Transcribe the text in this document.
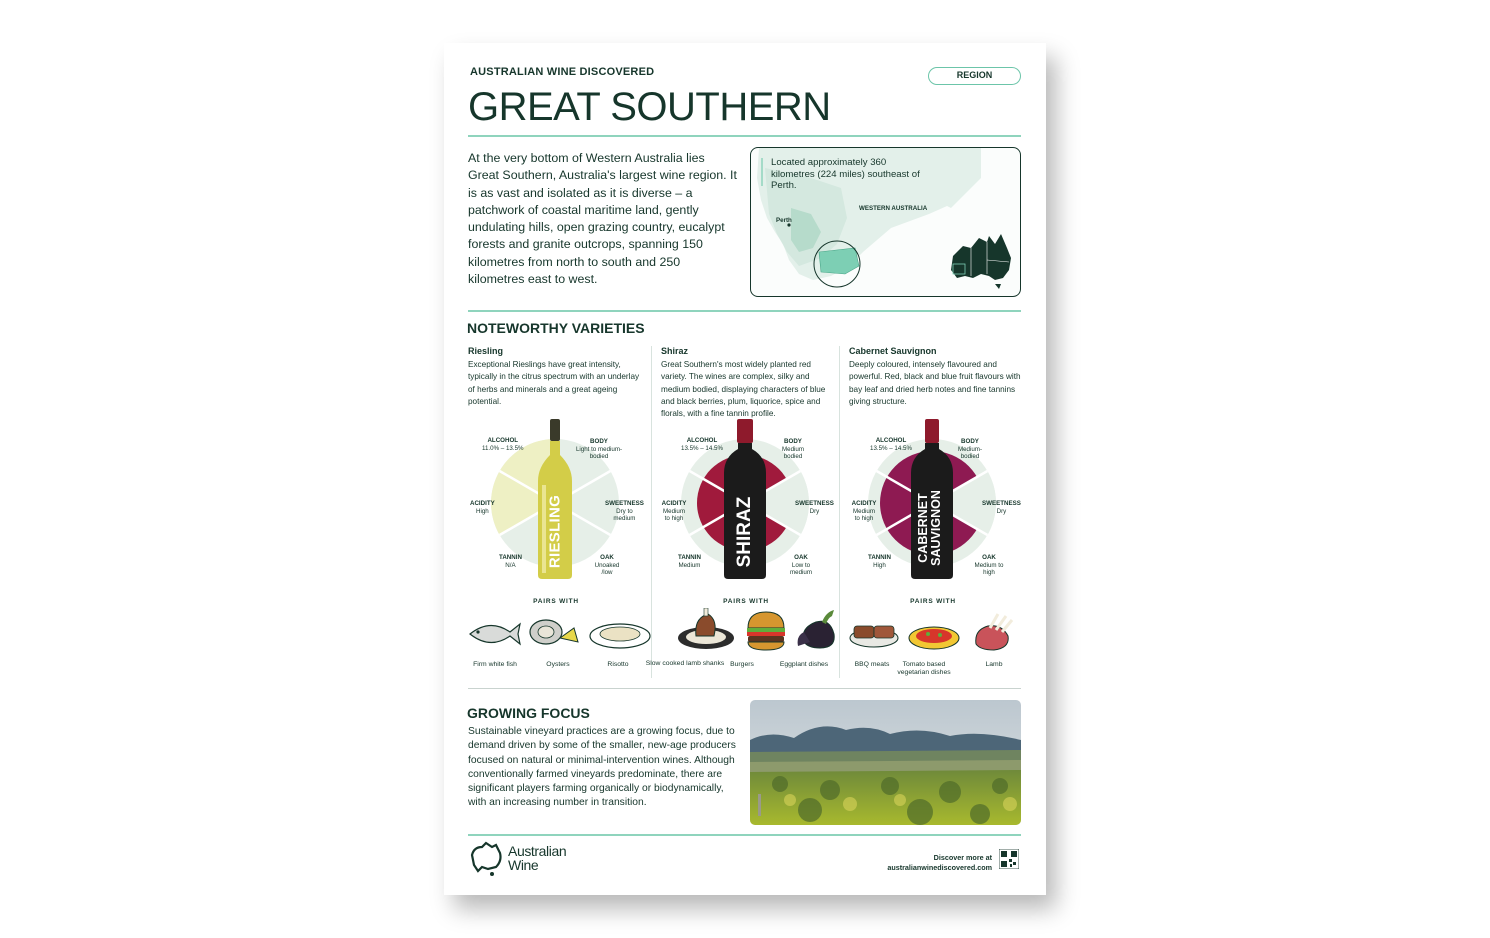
AUSTRALIAN WINE DISCOVERED	REGION
GREAT SOUTHERN
At the very bottom of Western Australia lies Great Southern, Australia's largest wine region. It is as vast and isolated as it is diverse – a patchwork of coastal maritime land, gently undulating hills, open grazing country, eucalypt forests and granite outcrops, spanning 150 kilometres from north to south and 250 kilometres east to west.
Located approximately 360 kilometres (224 miles) southeast of Perth.
WESTERN AUSTRALIA
Perth
NOTEWORTHY VARIETIES
Riesling
Exceptional Rieslings have great intensity, typically in the citrus spectrum with an underlay of herbs and minerals and a great ageing potential.
Shiraz
Great Southern's most widely planted red variety. The wines are complex, silky and medium bodied, displaying characters of blue and black berries, plum, liquorice, spice and florals, with a fine tannin profile.
Cabernet Sauvignon
Deeply coloured, intensely flavoured and powerful. Red, black and blue fruit flavours with bay leaf and dried herb notes and fine tannins giving structure.
RIESLING
ALCOHOL
11.0% – 13.5%
BODY
Light to medium-bodied
SWEETNESS
Dry to medium
OAK
Unoaked /low
TANNIN
N/A
ACIDITY
High	SHIRAZ
ALCOHOL
13.5% – 14.5%
BODY
Medium bodied
SWEETNESS
Dry
OAK
Low to medium
TANNIN
Medium
ACIDITY
Medium to high	CABERNET SAUVIGNON
ALCOHOL
13.5% – 14.5%
BODY
Medium-bodied
SWEETNESS
Dry
OAK
Medium to high
TANNIN
High
ACIDITY
Medium to high
PAIRS WITH	PAIRS WITH	PAIRS WITH
Firm white fish	Oysters	Risotto	Slow cooked lamb shanks Burgers	Eggplant dishes	BBQ meats	Tomato based vegetarian dishes
Lamb
GROWING FOCUS
Sustainable vineyard practices are a growing focus, due to demand driven by some of the smaller, new-age producers focused on natural or minimal-intervention wines. Although conventionally farmed vineyards predominate, there are significant players farming organically or biodynamically, with an increasing number in transition.
Australian
Wine	Discover more at
australianwinediscovered.com
